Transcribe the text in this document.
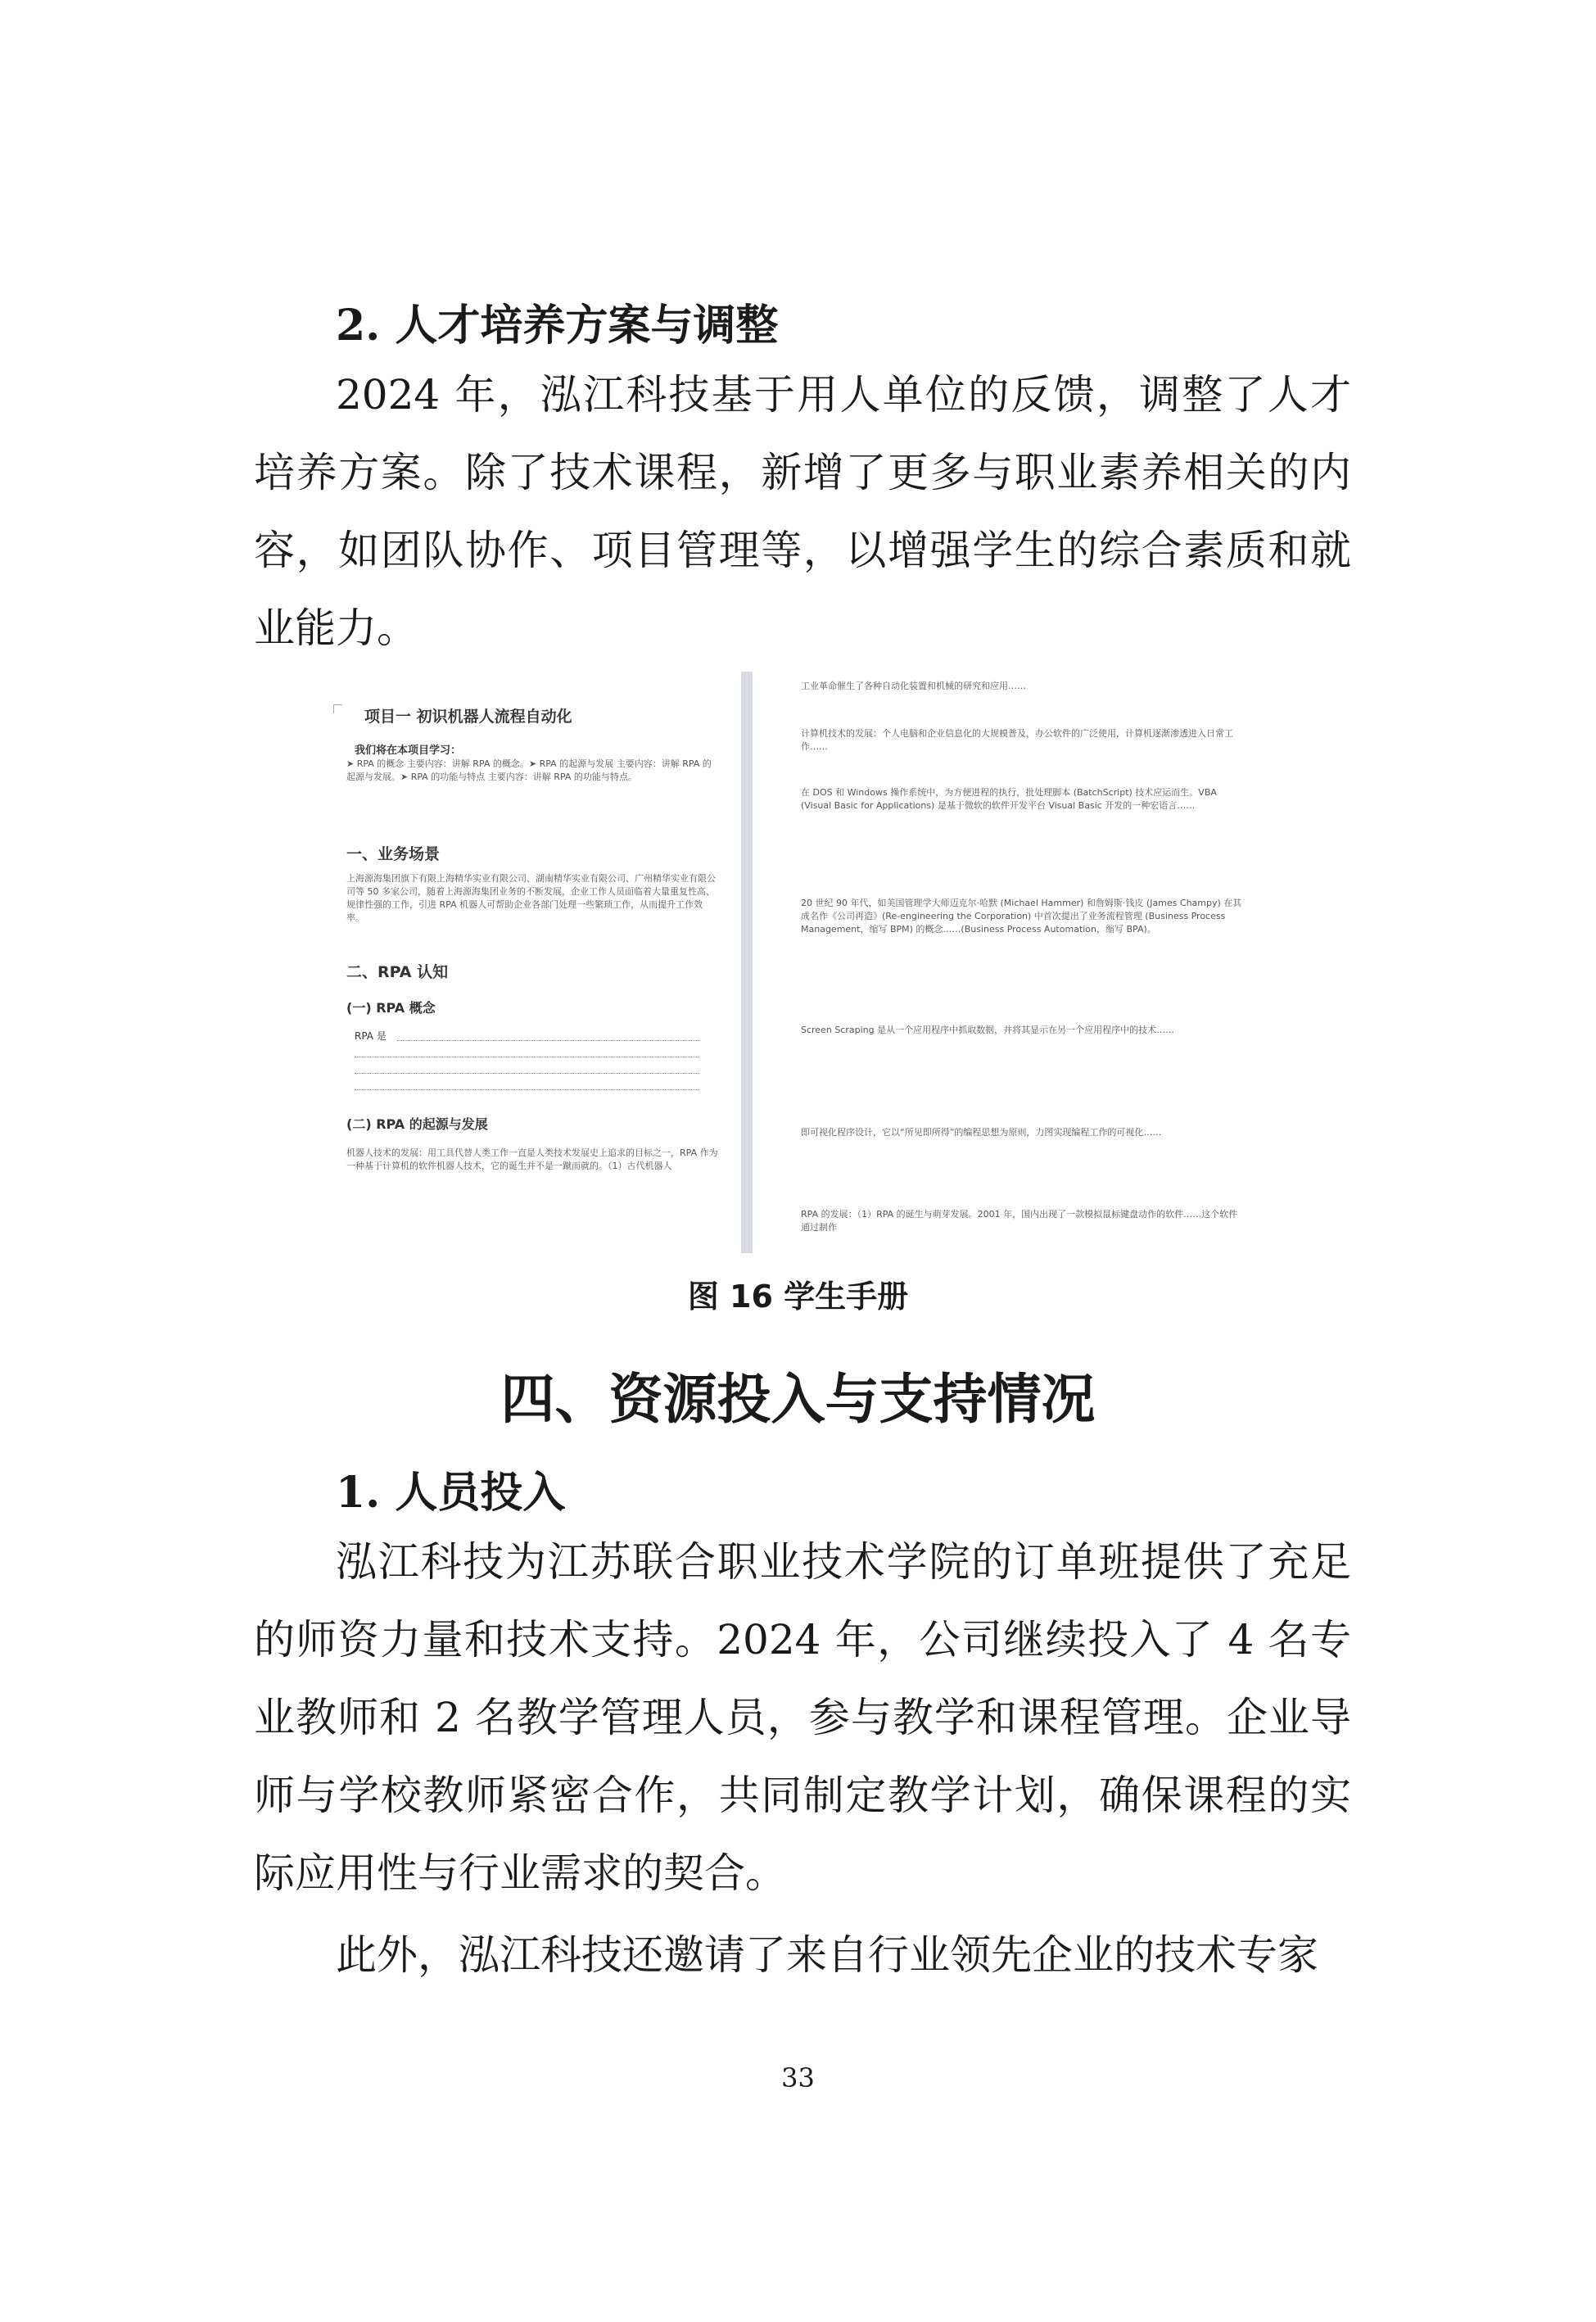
2. 人才培养方案与调整

2024 年，泓江科技基于用人单位的反馈，调整了人才培养方案。除了技术课程，新增了更多与职业素养相关的内容，如团队协作、项目管理等，以增强学生的综合素质和就业能力。

项目一 初识机器人流程自动化
我们将在本项目学习：
➤ RPA 的概念 主要内容：讲解 RPA 的概念。➤ RPA 的起源与发展 主要内容：讲解 RPA 的起源与发展。➤ RPA 的功能与特点 主要内容：讲解 RPA 的功能与特点。
一、业务场景
上海源海集团旗下有限上海精华实业有限公司、湖南精华实业有限公司、广州精华实业有限公司等 50 多家公司，随着上海源海集团业务的不断发展，企业工作人员面临着大量重复性高、规律性强的工作，引进 RPA 机器人可帮助企业各部门处理一些繁琐工作，从而提升工作效率。
二、RPA 认知
(一) RPA 概念
RPA 是
(二) RPA 的起源与发展
机器人技术的发展：用工具代替人类工作一直是人类技术发展史上追求的目标之一，RPA 作为一种基于计算机的软件机器人技术，它的诞生并不是一蹴而就的。（1）古代机器人
工业革命催生了各种自动化装置和机械的研究和应用……
计算机技术的发展：个人电脑和企业信息化的大规模普及，办公软件的广泛使用，计算机逐渐渗透进入日常工作……
在 DOS 和 Windows 操作系统中，为方便进程的执行，批处理脚本 (BatchScript) 技术应运而生。VBA (Visual Basic for Applications) 是基于微软的软件开发平台 Visual Basic 开发的一种宏语言……
20 世纪 90 年代，如美国管理学大师迈克尔·哈默 (Michael Hammer) 和詹姆斯·钱皮 (James Champy) 在其成名作《公司再造》(Re-engineering the Corporation) 中首次提出了业务流程管理 (Business Process Management，缩写 BPM) 的概念……(Business Process Automation，缩写 BPA)。
Screen Scraping 是从一个应用程序中抓取数据，并将其显示在另一个应用程序中的技术……
即可视化程序设计，它以“所见即所得”的编程思想为原则，力图实现编程工作的可视化……
RPA 的发展：（1）RPA 的诞生与萌芽发展。2001 年，国内出现了一款模拟鼠标键盘动作的软件……这个软件通过制作

图 16 学生手册

四、资源投入与支持情况
1. 人员投入

泓江科技为江苏联合职业技术学院的订单班提供了充足的师资力量和技术支持。2024 年，公司继续投入了 4 名专业教师和 2 名教学管理人员，参与教学和课程管理。企业导师与学校教师紧密合作，共同制定教学计划，确保课程的实际应用性与行业需求的契合。

此外，泓江科技还邀请了来自行业领先企业的技术专家

33
